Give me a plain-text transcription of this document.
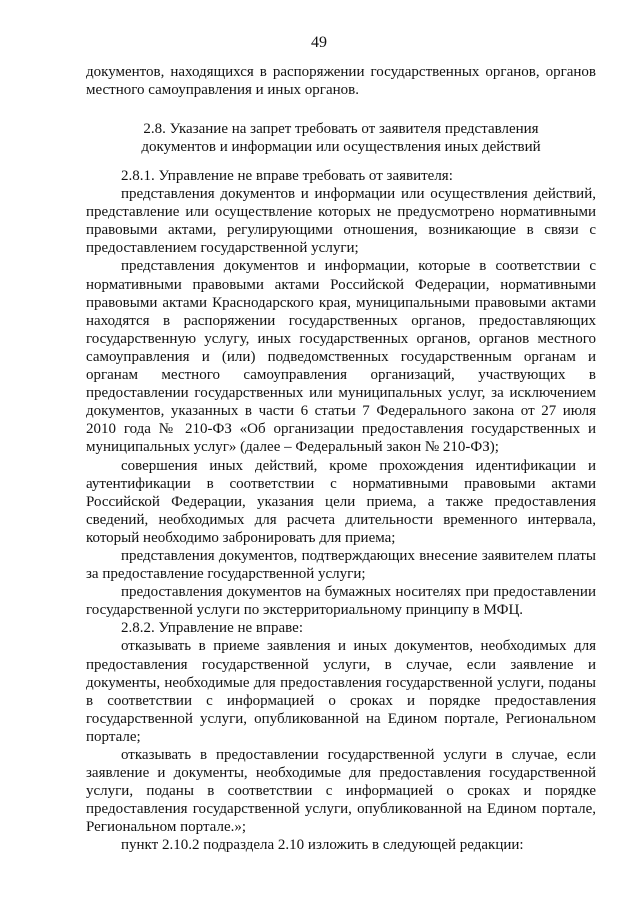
49

документов, находящихся в распоряжении государственных органов, органов местного самоуправления и иных органов.

2.8. Указание на запрет требовать от заявителя представления
документов и информации или осуществления иных действий

2.8.1. Управление не вправе требовать от заявителя:

представления документов и информации или осуществления действий, представление или осуществление которых не предусмотрено нормативными правовыми актами, регулирующими отношения, возникающие в связи с предоставлением государственной услуги;

представления документов и информации, которые в соответствии с нормативными правовыми актами Российской Федерации, нормативными правовыми актами Краснодарского края, муниципальными правовыми актами находятся в распоряжении государственных органов, предоставляющих государственную услугу, иных государственных органов, органов местного самоуправления и (или) подведомственных государственным органам и органам местного самоуправления организаций, участвующих в предоставлении государственных или муниципальных услуг, за исключением документов, указанных в части 6 статьи 7 Федерального закона от 27 июля 2010 года № 210-ФЗ «Об организации предоставления государственных и муниципальных услуг» (далее – Федеральный закон № 210-ФЗ);

совершения иных действий, кроме прохождения идентификации и аутентификации в соответствии с нормативными правовыми актами Российской Федерации, указания цели приема, а также предоставления сведений, необходимых для расчета длительности временного интервала, который необходимо забронировать для приема;

представления документов, подтверждающих внесение заявителем платы за предоставление государственной услуги;

предоставления документов на бумажных носителях при предоставлении государственной услуги по экстерриториальному принципу в МФЦ.

2.8.2. Управление не вправе:

отказывать в приеме заявления и иных документов, необходимых для предоставления государственной услуги, в случае, если заявление и документы, необходимые для предоставления государственной услуги, поданы в соответствии с информацией о сроках и порядке предоставления государственной услуги, опубликованной на Едином портале, Региональном портале;

отказывать в предоставлении государственной услуги в случае, если заявление и документы, необходимые для предоставления государственной услуги, поданы в соответствии с информацией о сроках и порядке предоставления государственной услуги, опубликованной на Едином портале, Региональном портале.»;

пункт 2.10.2 подраздела 2.10 изложить в следующей редакции:
